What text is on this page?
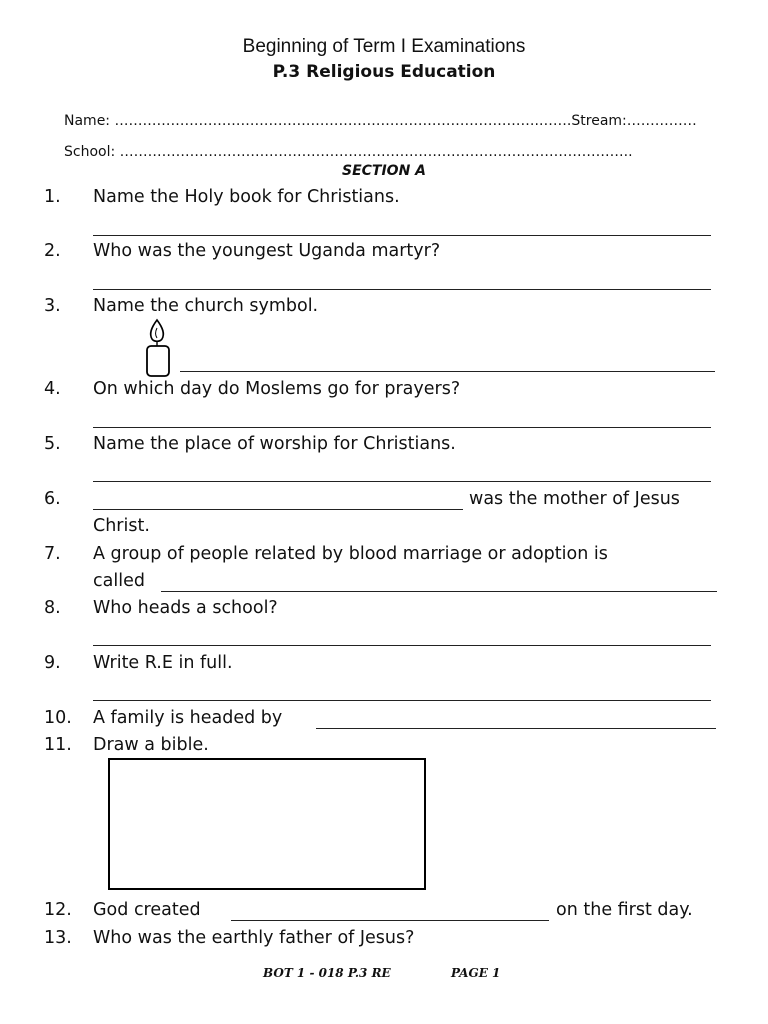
Beginning of Term I Examinations
P.3 Religious Education
Name: ……………………………………………………………………………….…….Stream:……………
School: ………………………………………………………………………………………………..
SECTION A
1. Name the Holy book for Christians.
2. Who was the youngest Uganda martyr?
3. Name the church symbol.
4. On which day do Moslems go for prayers?
5. Name the place of worship for Christians.
6.	was the mother of Jesus
Christ.
7. A group of people related by blood marriage or adoption is
called
8. Who heads a school?
9. Write R.E in full.
10. A family is headed by
11. Draw a bible.
12. God created	on the first day.
13. Who was the earthly father of Jesus?
BOT 1 - 018 P.3 RE	PAGE 1
